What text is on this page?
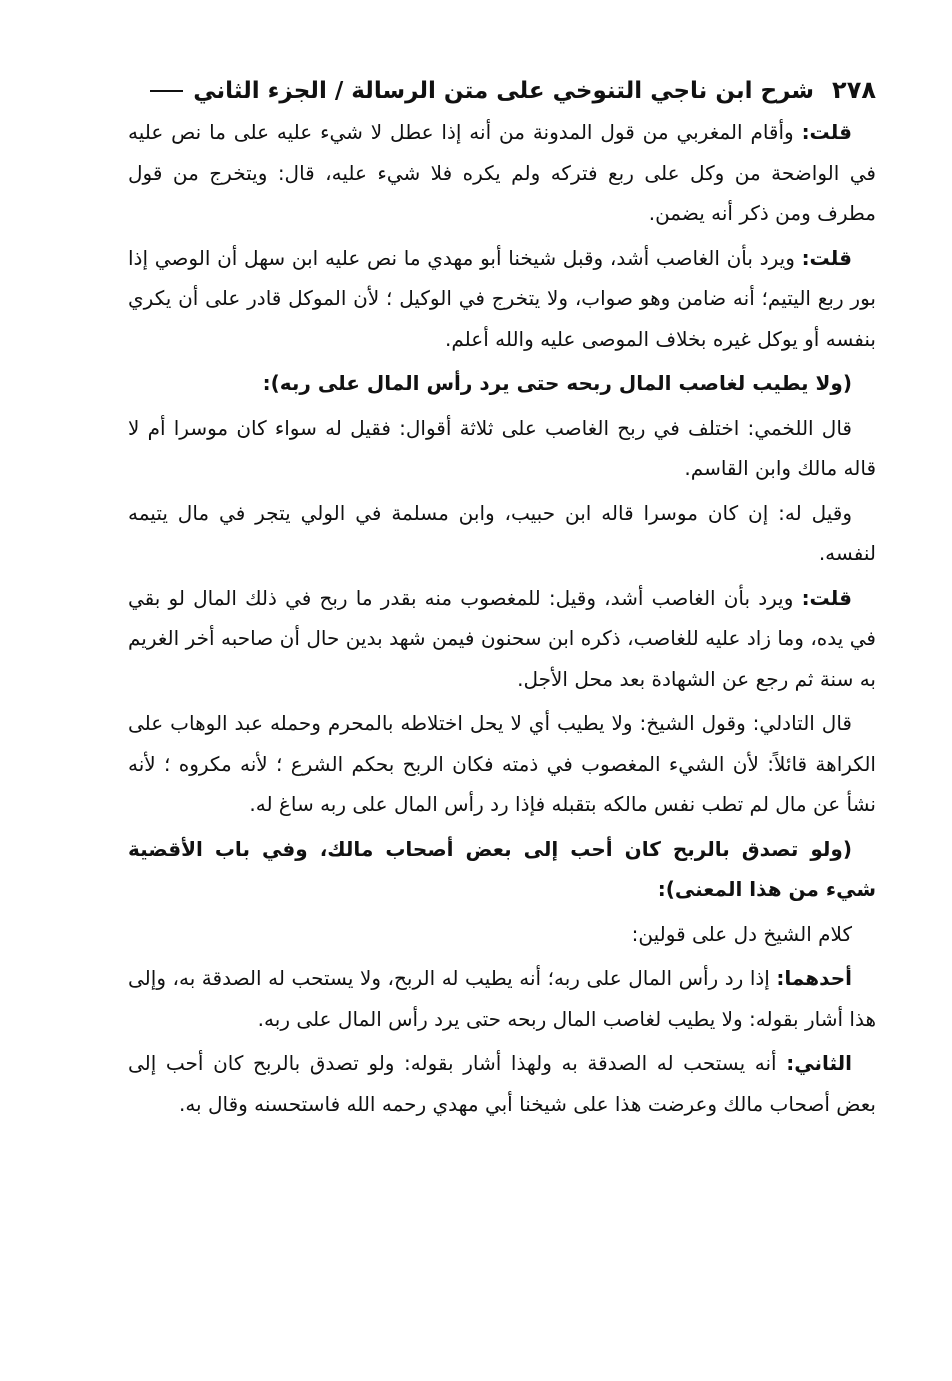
٢٧٨
شرح ابن ناجي التنوخي على متن الرسالة / الجزء الثاني

قلت: وأقام المغربي من قول المدونة من أنه إذا عطل لا شيء عليه على ما نص عليه في الواضحة من وكل على ربع فتركه ولم يكره فلا شيء عليه، قال: ويتخرج من قول مطرف ومن ذكر أنه يضمن.

قلت: ويرد بأن الغاصب أشد، وقبل شيخنا أبو مهدي ما نص عليه ابن سهل أن الوصي إذا بور ربع اليتيم؛ أنه ضامن وهو صواب، ولا يتخرج في الوكيل ؛ لأن الموكل قادر على أن يكري بنفسه أو يوكل غيره بخلاف الموصى عليه والله أعلم.

(ولا يطيب لغاصب المال ربحه حتى يرد رأس المال على ربه):

قال اللخمي: اختلف في ربح الغاصب على ثلاثة أقوال: فقيل له سواء كان موسرا أم لا قاله مالك وابن القاسم.

وقيل له: إن كان موسرا قاله ابن حبيب، وابن مسلمة في الولي يتجر في مال يتيمه لنفسه.

قلت: ويرد بأن الغاصب أشد، وقيل: للمغصوب منه بقدر ما ربح في ذلك المال لو بقي في يده، وما زاد عليه للغاصب، ذكره ابن سحنون فيمن شهد بدين حال أن صاحبه أخر الغريم به سنة ثم رجع عن الشهادة بعد محل الأجل.

قال التادلي: وقول الشيخ: ولا يطيب أي لا يحل اختلاطه بالمحرم وحمله عبد الوهاب على الكراهة قائلاً: لأن الشيء المغصوب في ذمته فكان الربح بحكم الشرع ؛ لأنه مكروه ؛ لأنه نشأ عن مال لم تطب نفس مالكه بتقبله فإذا رد رأس المال على ربه ساغ له.

(ولو تصدق بالربح كان أحب إلى بعض أصحاب مالك، وفي باب الأقضية شيء من هذا المعنى):

كلام الشيخ دل على قولين:

أحدهما: إذا رد رأس المال على ربه؛ أنه يطيب له الربح، ولا يستحب له الصدقة به، وإلى هذا أشار بقوله: ولا يطيب لغاصب المال ربحه حتى يرد رأس المال على ربه.

الثاني: أنه يستحب له الصدقة به ولهذا أشار بقوله: ولو تصدق بالربح كان أحب إلى بعض أصحاب مالك وعرضت هذا على شيخنا أبي مهدي رحمه الله فاستحسنه وقال به.
